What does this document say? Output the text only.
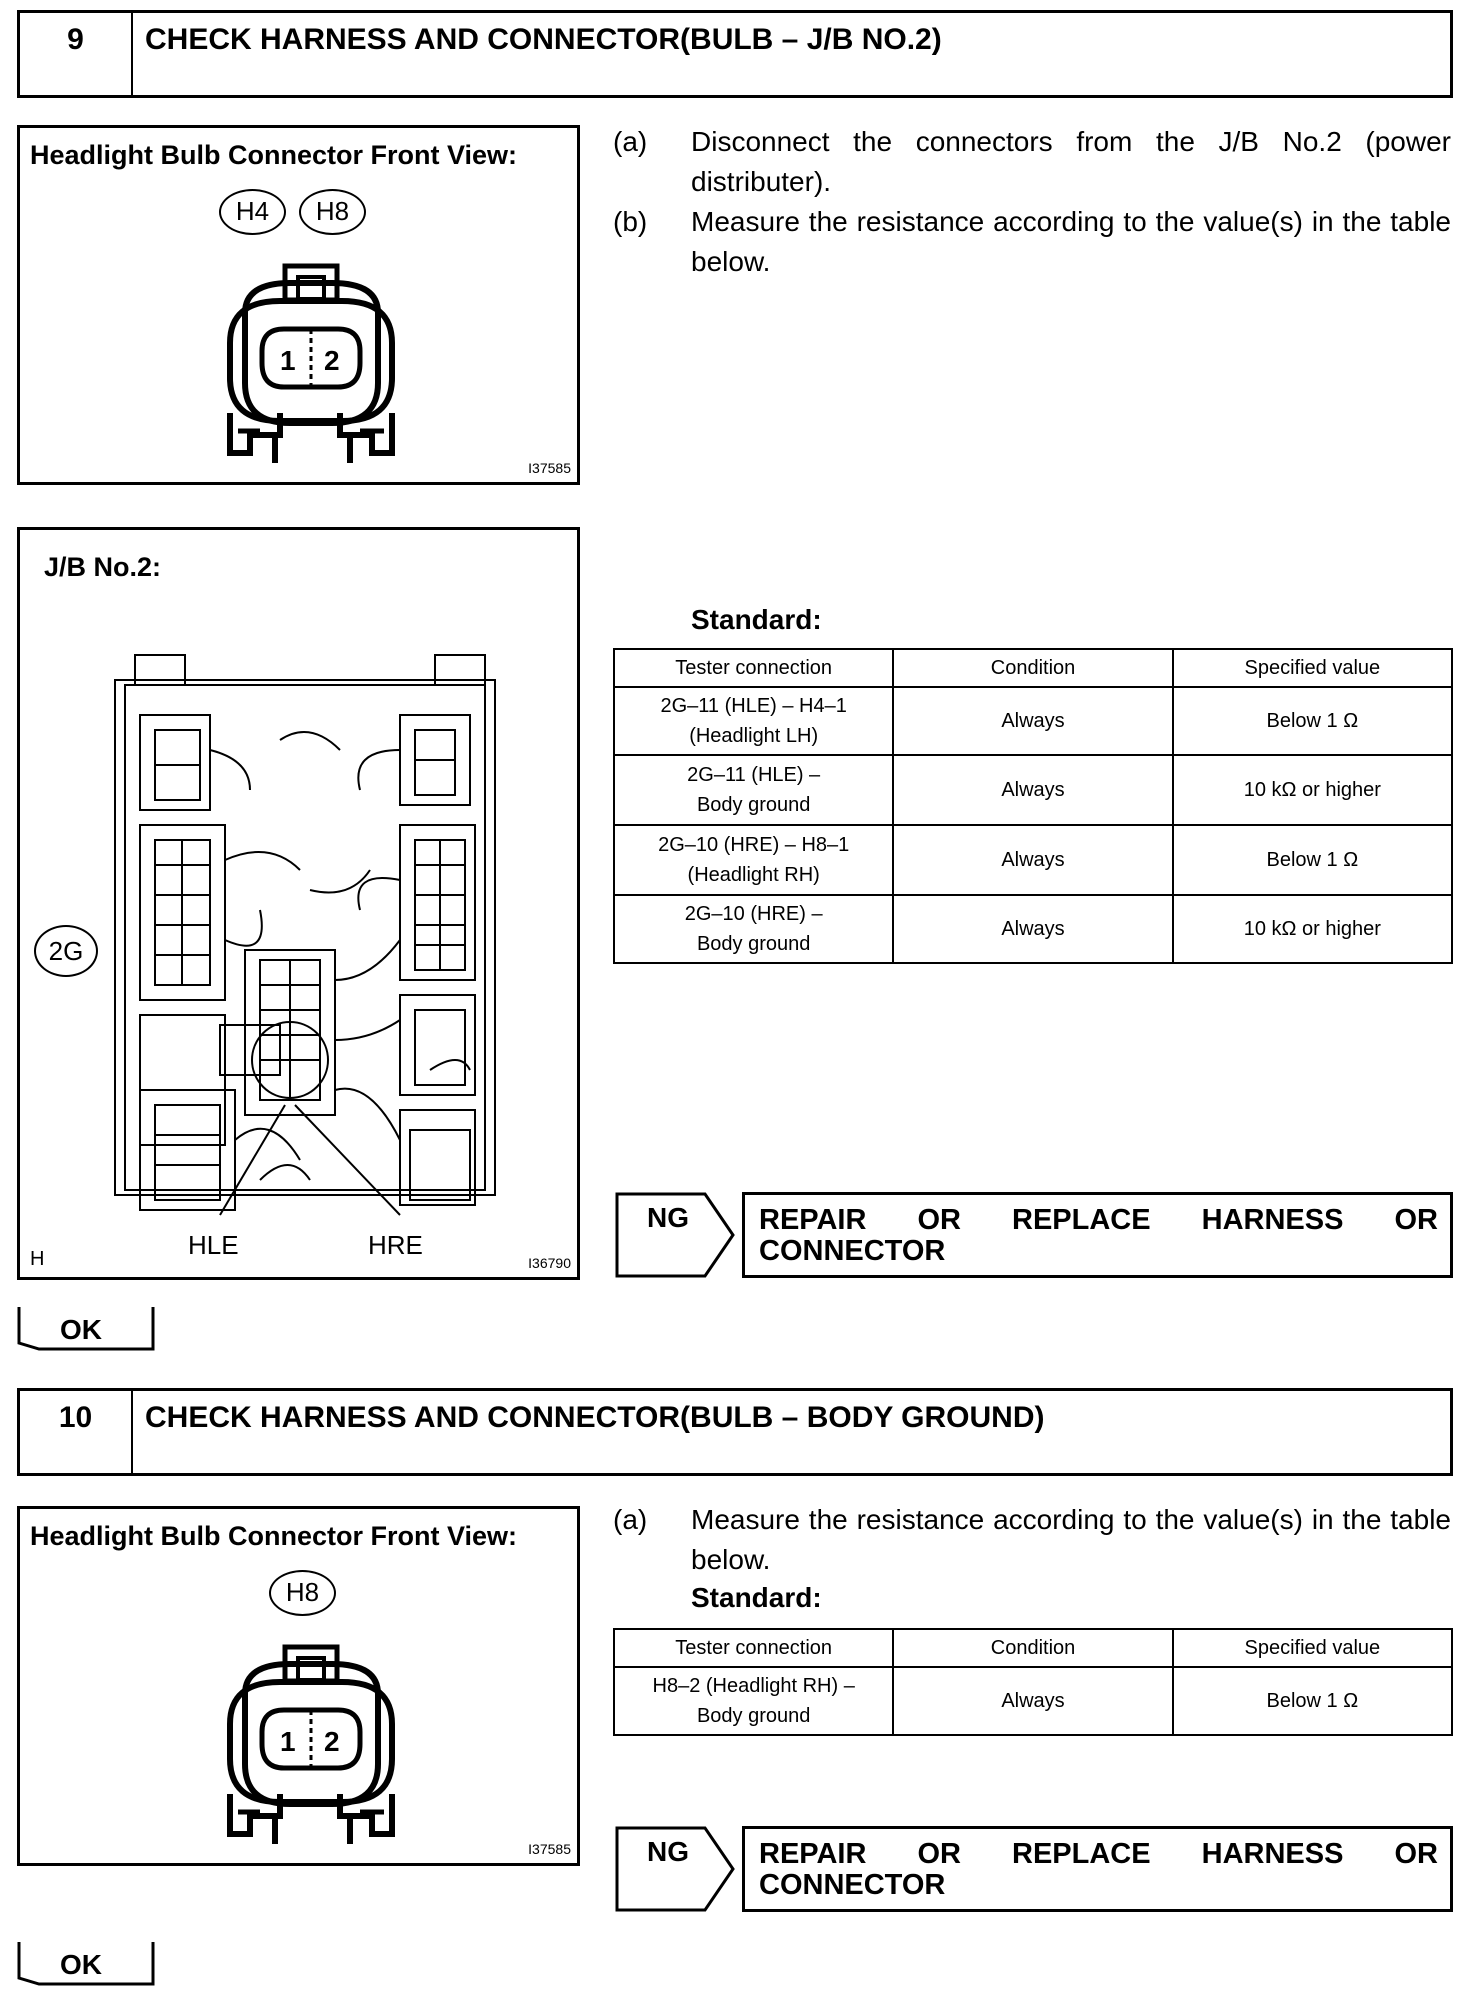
9	CHECK HARNESS AND CONNECTOR(BULB – J/B NO.2)
Headlight Bulb Connector Front View:
H4	H8
1 2
I37585
J/B No.2:
2G
HLE	HRE
H	I36790
(a) Disconnect the connectors from the J/B No.2 (power distributer).
(b) Measure the resistance according to the value(s) in the table below.
Standard:
Tester connection	Condition	Specified value

2G–11 (HLE) – H4–1
(Headlight LH)	Always	Below 1 Ω

2G–11 (HLE) –
Body ground	Always	10 kΩ or higher

2G–10 (HRE) – H8–1
(Headlight RH)	Always	Below 1 Ω

2G–10 (HRE) –
Body ground	Always	10 kΩ or higher
NG REPAIR OR REPLACE HARNESS OR
CONNECTOR
OK
10	CHECK HARNESS AND CONNECTOR(BULB – BODY GROUND)
Headlight Bulb Connector Front View:
H8
1 2
I37585
(a) Measure the resistance according to the value(s) in the table below.
Standard:
Tester connection	Condition	Specified value

H8–2 (Headlight RH) –
Body ground	Always	Below 1 Ω
NG REPAIR OR REPLACE HARNESS OR
CONNECTOR
OK
